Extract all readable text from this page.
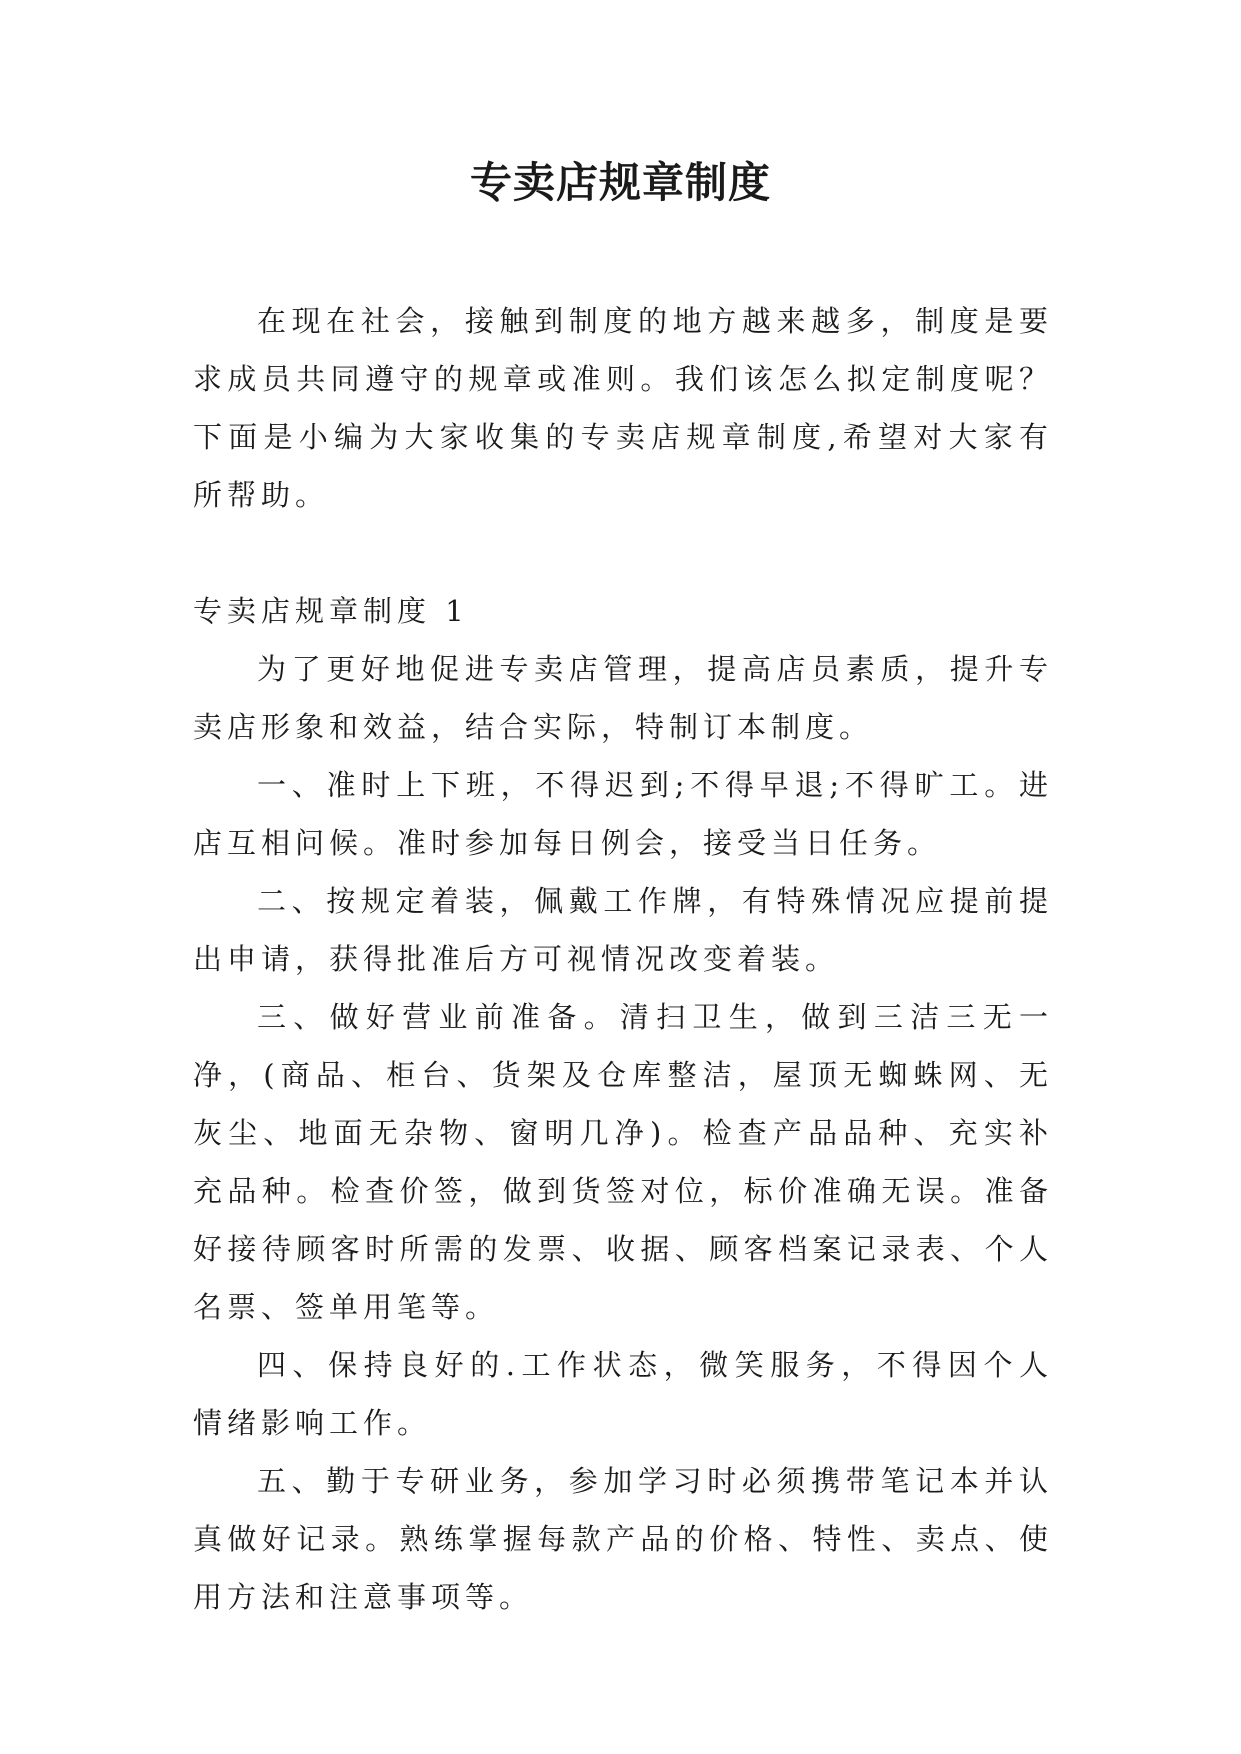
专卖店规章制度

在现在社会，接触到制度的地方越来越多，制度是要求成员共同遵守的规章或准则。我们该怎么拟定制度呢？下面是小编为大家收集的专卖店规章制度,希望对大家有所帮助。

专卖店规章制度 1

为了更好地促进专卖店管理，提高店员素质，提升专卖店形象和效益，结合实际，特制订本制度。

一、准时上下班，不得迟到;不得早退;不得旷工。进店互相问候。准时参加每日例会，接受当日任务。

二、按规定着装，佩戴工作牌，有特殊情况应提前提出申请，获得批准后方可视情况改变着装。

三、做好营业前准备。清扫卫生，做到三洁三无一净，(商品、柜台、货架及仓库整洁，屋顶无蜘蛛网、无灰尘、地面无杂物、窗明几净)。检查产品品种、充实补充品种。检查价签，做到货签对位，标价准确无误。准备好接待顾客时所需的发票、收据、顾客档案记录表、个人名票、签单用笔等。

四、保持良好的.工作状态，微笑服务，不得因个人情绪影响工作。

五、勤于专研业务，参加学习时必须携带笔记本并认真做好记录。熟练掌握每款产品的价格、特性、卖点、使用方法和注意事项等。
